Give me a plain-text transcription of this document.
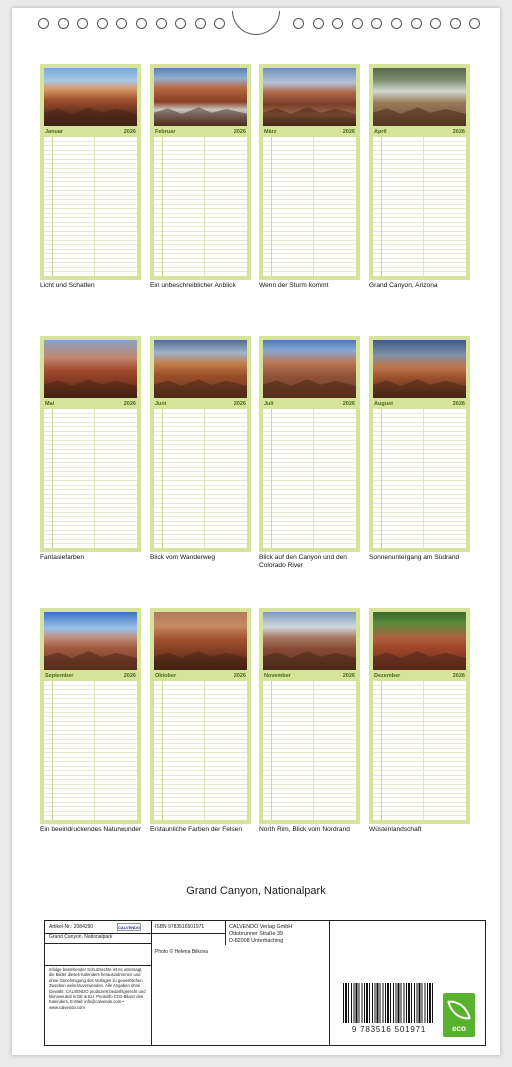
Januar	2026
Licht und Schatten
Februar	2026
Ein unbeschreiblicher Anblick
März	2026
Wenn der Sturm kommt
April	2026
Grand Canyon, Arizona
Mai	2026
Fantasiefarben
Juni	2026
Blick vom Wanderweg
Juli	2026
Blick auf den Canyon und den Colorado River
August	2026
Sonnenuntergang am Südrand
September	2026
Ein beeindruckendes Naturwunder
Oktober	2026
Erstaunliche Farben der Felsen
November	2026
North Rim, Blick vom Nordrand
Dezember	2026
Wüstenlandschaft
Grand Canyon, Nationalpark
Artikel-Nr.: 2084290	CALVENDO
Grand Canyon, Nationalpark
Infolge bestehender Schutzrechte ist es untersagt, die Bilder dieses Kalenders herauszutrennen und ohne Genehmigung des Verlages zu gewerblichen Zwecken weiterzuverwenden. Alle Angaben ohne Gewähr. CALVENDO produziert bedarfsgerecht und klimaneutral in DE & EU. Preisinfo CO2-Bilanz des Kalenders. E-Mail: info@calvendo.com • www.calvendo.com
ISBN 9783516501971
Photo © Helena Bilkova
CALVENDO Verlag GmbH
Ottobrunner Straße 39
D-82008 Unterhaching
9 783516 501971	eco
